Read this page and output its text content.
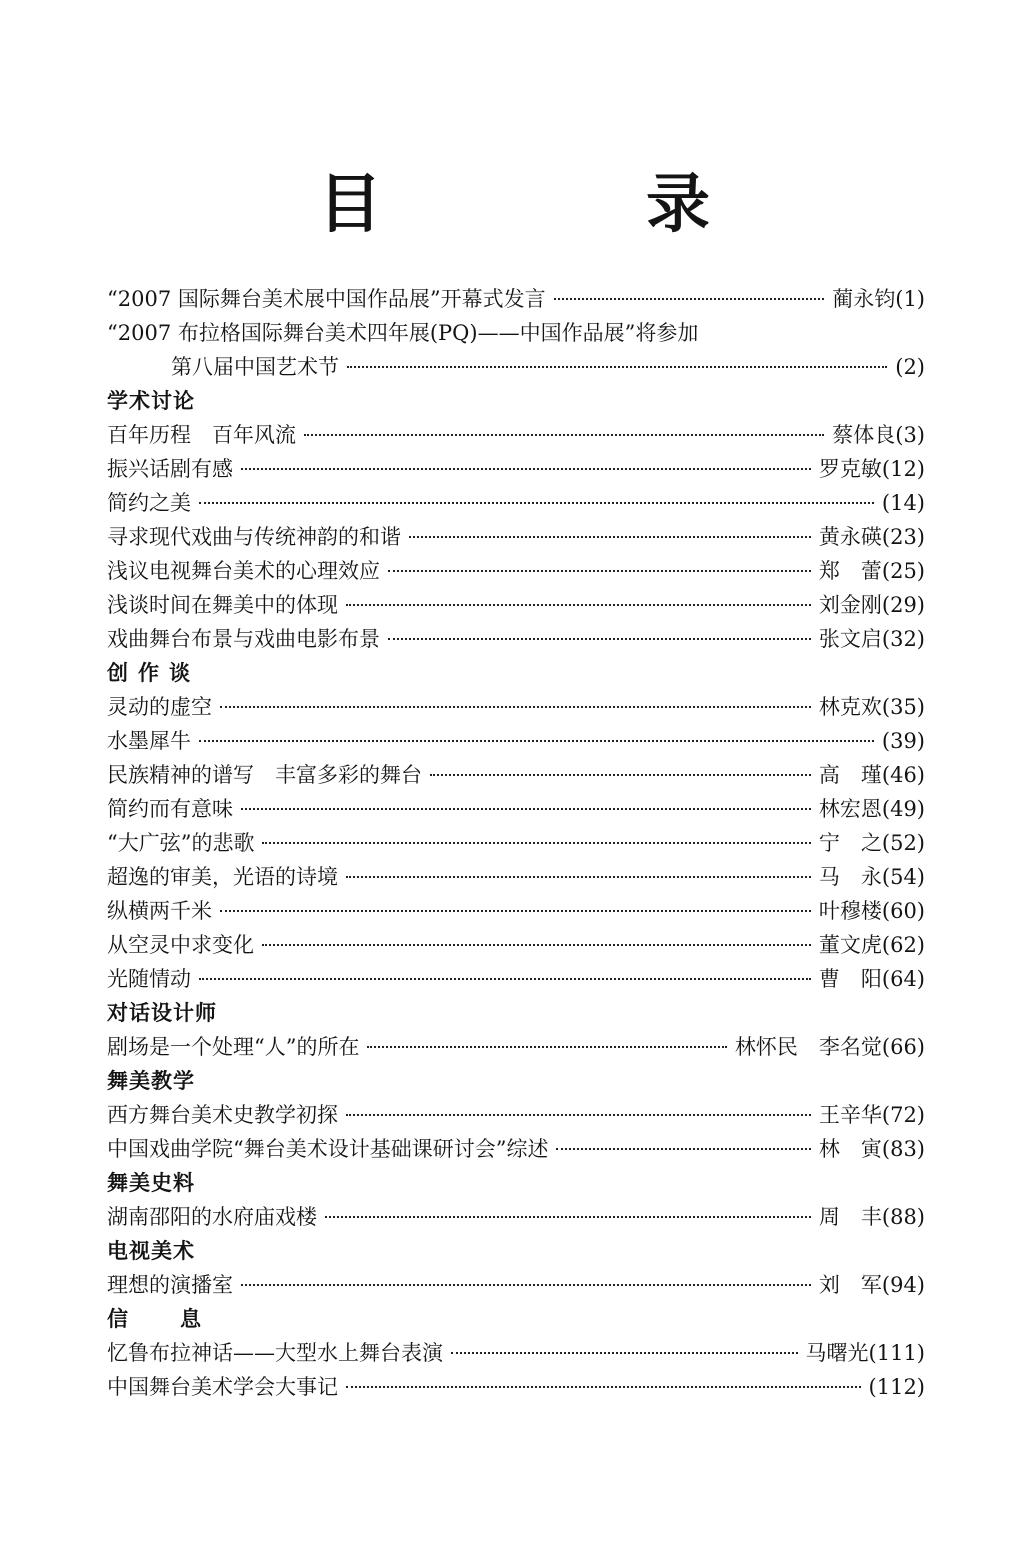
目　录
“2007 国际舞台美术展中国作品展”开幕式发言	蔺永钧(1)
“2007 布拉格国际舞台美术四年展(PQ)——中国作品展”将参加
第八届中国艺术节	(2)
学术讨论
百年历程　百年风流	蔡体良(3)
振兴话剧有感	罗克敏(12)
简约之美	(14)
寻求现代戏曲与传统神韵的和谐	黄永碤(23)
浅议电视舞台美术的心理效应	郑　蕾(25)
浅谈时间在舞美中的体现	刘金刚(29)
戏曲舞台布景与戏曲电影布景	张文启(32)
创作谈
灵动的虚空	林克欢(35)
水墨犀牛	(39)
民族精神的谱写　丰富多彩的舞台	高　瑾(46)
简约而有意味	林宏恩(49)
“大广弦”的悲歌	宁　之(52)
超逸的审美，光语的诗境	马　永(54)
纵横两千米	叶穆楼(60)
从空灵中求变化	董文虎(62)
光随情动	曹　阳(64)
对话设计师
剧场是一个处理“人”的所在	林怀民　李名觉(66)
舞美教学
西方舞台美术史教学初探	王辛华(72)
中国戏曲学院“舞台美术设计基础课研讨会”综述	林　寅(83)
舞美史料
湖南邵阳的水府庙戏楼	周　丰(88)
电视美术
理想的演播室	刘　军(94)
信息
忆鲁布拉神话——大型水上舞台表演	马曙光(111)
中国舞台美术学会大事记	(112)
